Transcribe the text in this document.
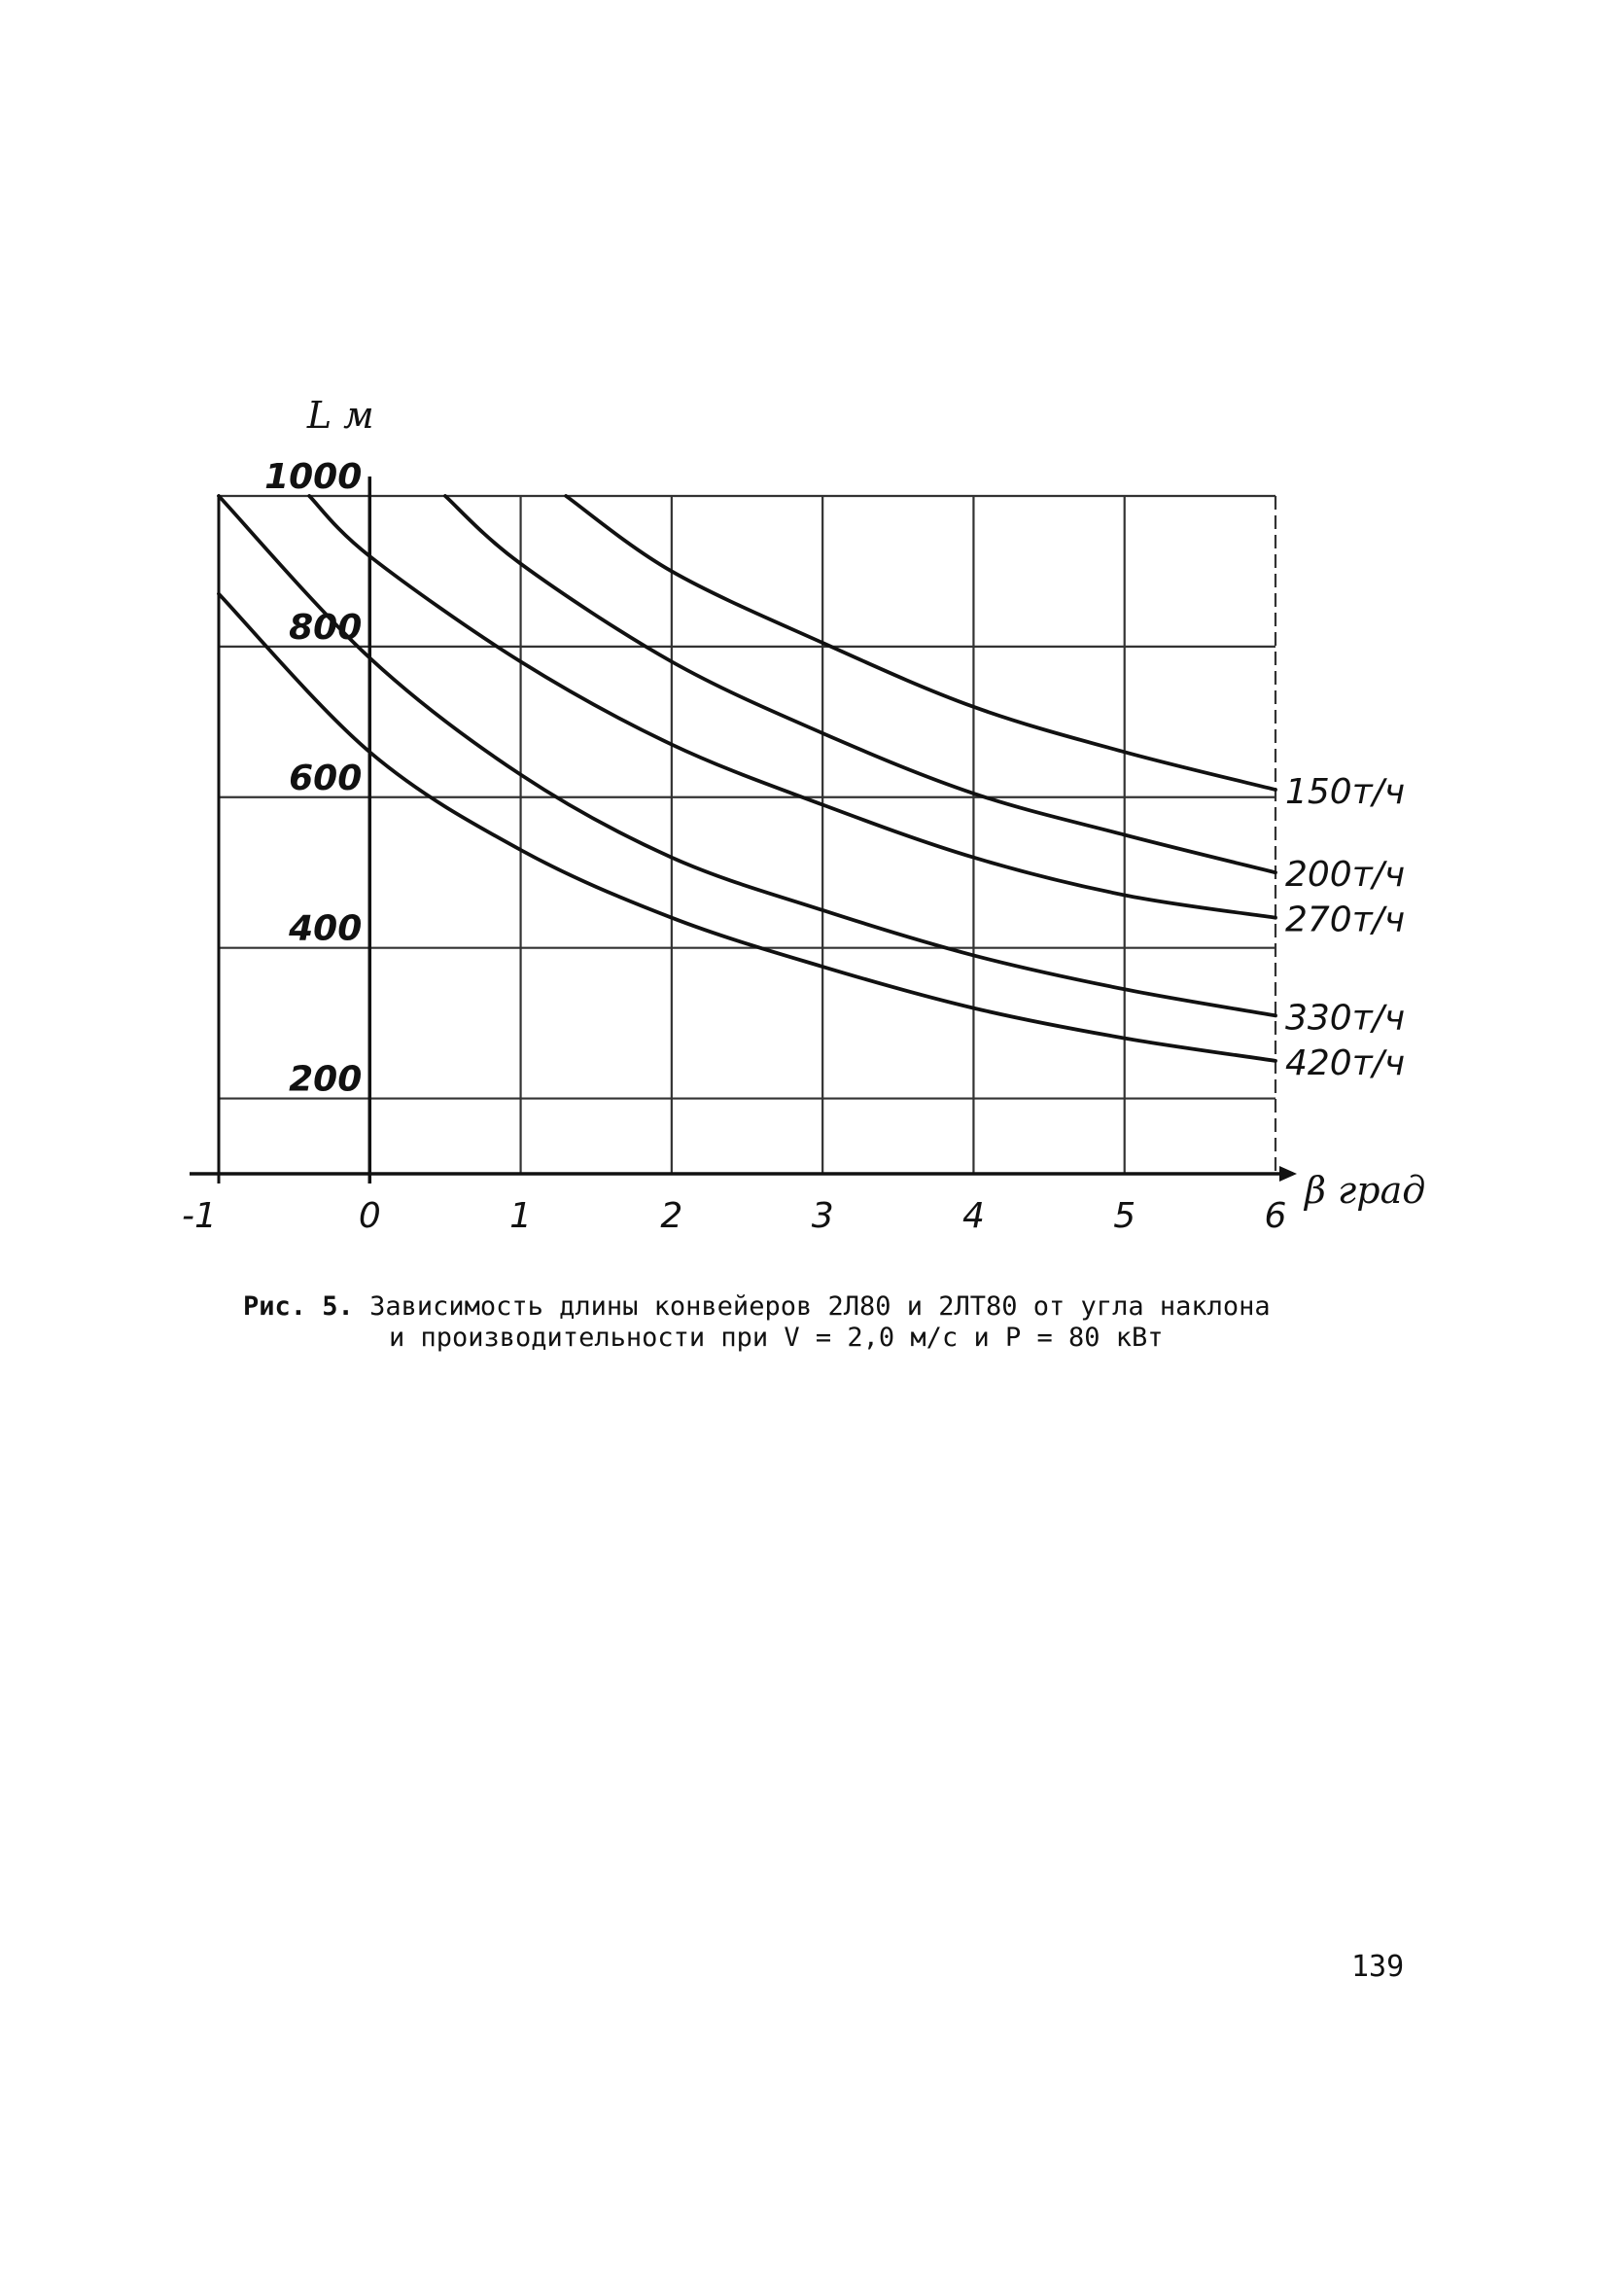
-1	0	1	2	3	4	5	6
200
400
600
800
1000
L м
β град
150т/ч
200т/ч
270т/ч
330т/ч
420т/ч
Рис. 5. Зависимость длины конвейеров 2Л80 и 2ЛТ80 от угла наклона
и производительности при V = 2,0 м/с и P = 80 кВт
139
